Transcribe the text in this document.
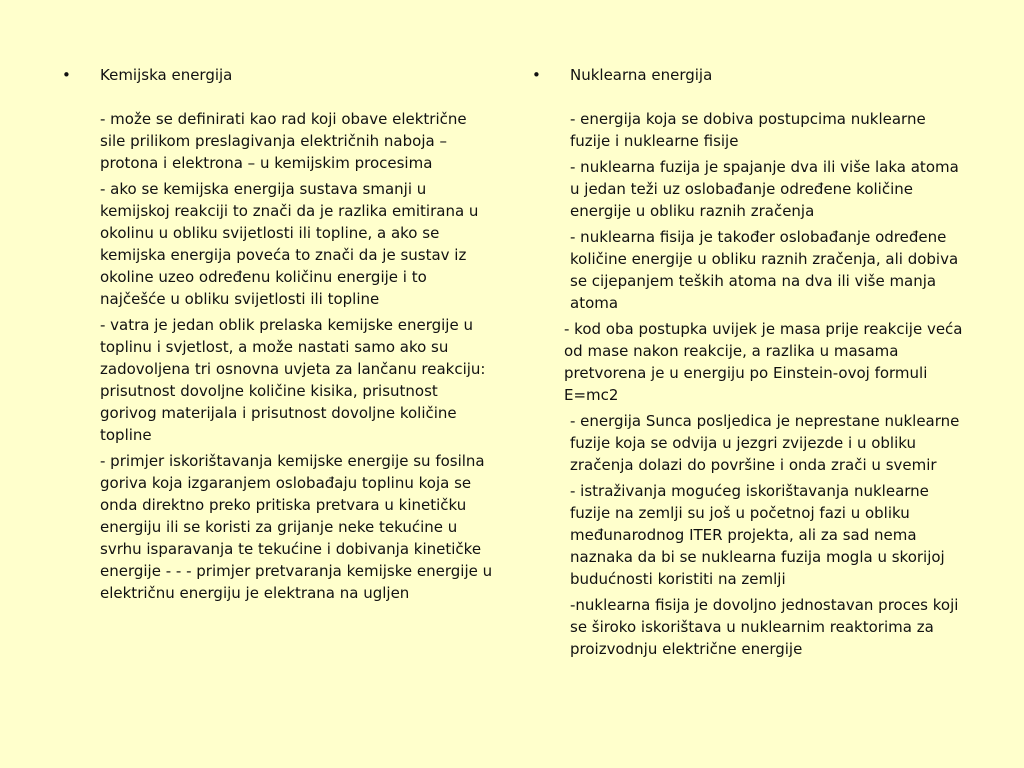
• Kemijska energija

- može se definirati kao rad koji obave električne sile prilikom preslagivanja električnih naboja – protona i elektrona – u kemijskim procesima

- ako se kemijska energija sustava smanji u kemijskoj reakciji to znači da je razlika emitirana u okolinu u obliku svijetlosti ili topline, a ako se kemijska energija poveća to znači da je sustav iz okoline uzeo određenu količinu energije i to najčešće u obliku svijetlosti ili topline

- vatra je jedan oblik prelaska kemijske energije u toplinu i svjetlost, a može nastati samo ako su zadovoljena tri osnovna uvjeta za lančanu reakciju: prisutnost dovoljne količine kisika, prisutnost gorivog materijala i prisutnost dovoljne količine topline

- primjer iskorištavanja kemijske energije su fosilna goriva koja izgaranjem oslobađaju toplinu koja se onda direktno preko pritiska pretvara u kinetičku energiju ili se koristi za grijanje neke tekućine u svrhu isparavanja te tekućine i dobivanja kinetičke energije - - - primjer pretvaranja kemijske energije u električnu energiju je elektrana na ugljen

• Nuklearna energija

- energija koja se dobiva postupcima nuklearne fuzije i nuklearne fisije

- nuklearna fuzija je spajanje dva ili više laka atoma u jedan teži uz oslobađanje određene količine energije u obliku raznih zračenja

- nuklearna fisija je također oslobađanje određene količine energije u obliku raznih zračenja, ali dobiva se cijepanjem teških atoma na dva ili više manja atoma

- kod oba postupka uvijek je masa prije reakcije veća od mase nakon reakcije, a razlika u masama pretvorena je u energiju po Einstein-ovoj formuli E=mc2

- energija Sunca posljedica je neprestane nuklearne fuzije koja se odvija u jezgri zvijezde i u obliku zračenja dolazi do površine i onda zrači u svemir

- istraživanja mogućeg iskorištavanja nuklearne fuzije na zemlji su još u početnoj fazi u obliku međunarodnog ITER projekta, ali za sad nema naznaka da bi se nuklearna fuzija mogla u skorijoj budućnosti koristiti na zemlji

-nuklearna fisija je dovoljno jednostavan proces koji se široko iskorištava u nuklearnim reaktorima za proizvodnju električne energije
